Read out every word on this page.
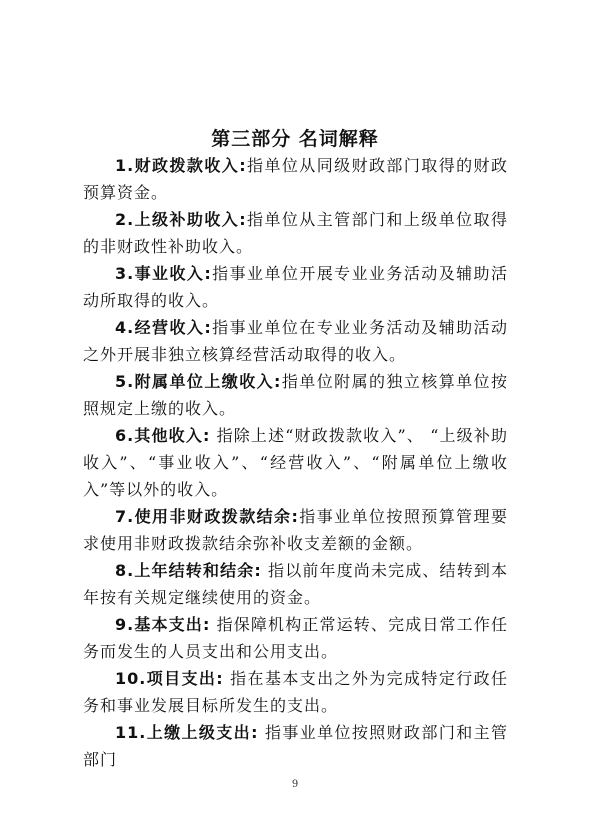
第三部分 名词解释

1.财政拨款收入:指单位从同级财政部门取得的财政预算资金。

2.上级补助收入:指单位从主管部门和上级单位取得的非财政性补助收入。

3.事业收入:指事业单位开展专业业务活动及辅助活动所取得的收入。

4.经营收入:指事业单位在专业业务活动及辅助活动之外开展非独立核算经营活动取得的收入。

5.附属单位上缴收入:指单位附属的独立核算单位按照规定上缴的收入。

6.其他收入: 指除上述“财政拨款收入”、 “上级补助收入”、“事业收入”、“经营收入”、“附属单位上缴收入”等以外的收入。

7.使用非财政拨款结余:指事业单位按照预算管理要求使用非财政拨款结余弥补收支差额的金额。

8.上年结转和结余: 指以前年度尚未完成、结转到本年按有关规定继续使用的资金。

9.基本支出: 指保障机构正常运转、完成日常工作任务而发生的人员支出和公用支出。

10.项目支出: 指在基本支出之外为完成特定行政任务和事业发展目标所发生的支出。

11.上缴上级支出: 指事业单位按照财政部门和主管部门

9
